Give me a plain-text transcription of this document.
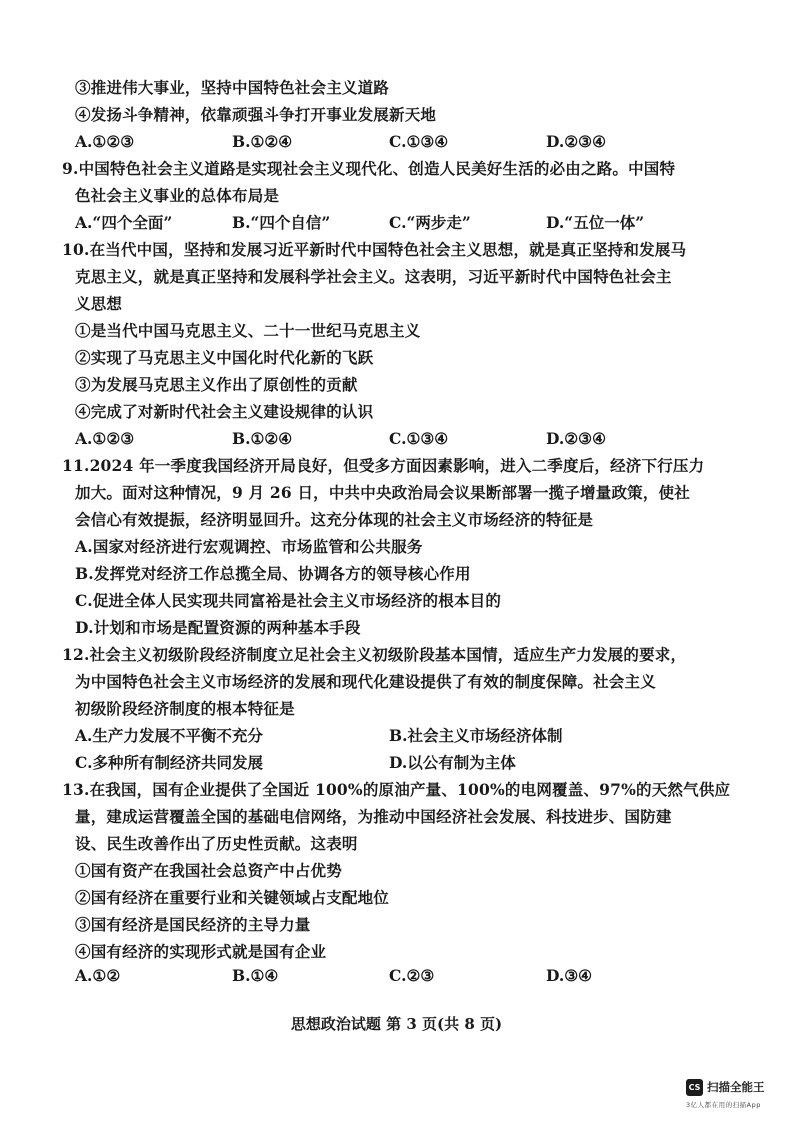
③推进伟大事业，坚持中国特色社会主义道路
④发扬斗争精神，依靠顽强斗争打开事业发展新天地
A.①②③	B.①②④	C.①③④	D.②③④
9.中国特色社会主义道路是实现社会主义现代化、创造人民美好生活的必由之路。中国特
色社会主义事业的总体布局是
A.“四个全面”	B.“四个自信”	C.“两步走”	D.“五位一体”
10.在当代中国，坚持和发展习近平新时代中国特色社会主义思想，就是真正坚持和发展马
克思主义，就是真正坚持和发展科学社会主义。这表明，习近平新时代中国特色社会主
义思想
①是当代中国马克思主义、二十一世纪马克思主义
②实现了马克思主义中国化时代化新的飞跃
③为发展马克思主义作出了原创性的贡献
④完成了对新时代社会主义建设规律的认识
A.①②③	B.①②④	C.①③④	D.②③④
11.2024 年一季度我国经济开局良好，但受多方面因素影响，进入二季度后，经济下行压力
加大。面对这种情况，9 月 26 日，中共中央政治局会议果断部署一揽子增量政策，使社
会信心有效提振，经济明显回升。这充分体现的社会主义市场经济的特征是
A.国家对经济进行宏观调控、市场监管和公共服务
B.发挥党对经济工作总揽全局、协调各方的领导核心作用
C.促进全体人民实现共同富裕是社会主义市场经济的根本目的
D.计划和市场是配置资源的两种基本手段
12.社会主义初级阶段经济制度立足社会主义初级阶段基本国情，适应生产力发展的要求，
为中国特色社会主义市场经济的发展和现代化建设提供了有效的制度保障。社会主义
初级阶段经济制度的根本特征是
A.生产力发展不平衡不充分	B.社会主义市场经济体制
C.多种所有制经济共同发展	D.以公有制为主体
13.在我国，国有企业提供了全国近 100%的原油产量、100%的电网覆盖、97%的天然气供应
量，建成运营覆盖全国的基础电信网络，为推动中国经济社会发展、科技进步、国防建
设、民生改善作出了历史性贡献。这表明
①国有资产在我国社会总资产中占优势
②国有经济在重要行业和关键领域占支配地位
③国有经济是国民经济的主导力量
④国有经济的实现形式就是国有企业
A.①②	B.①④	C.②③	D.③④
思想政治试题 第 3 页(共 8 页)
CS 扫描全能王
3亿人都在用的扫描App
